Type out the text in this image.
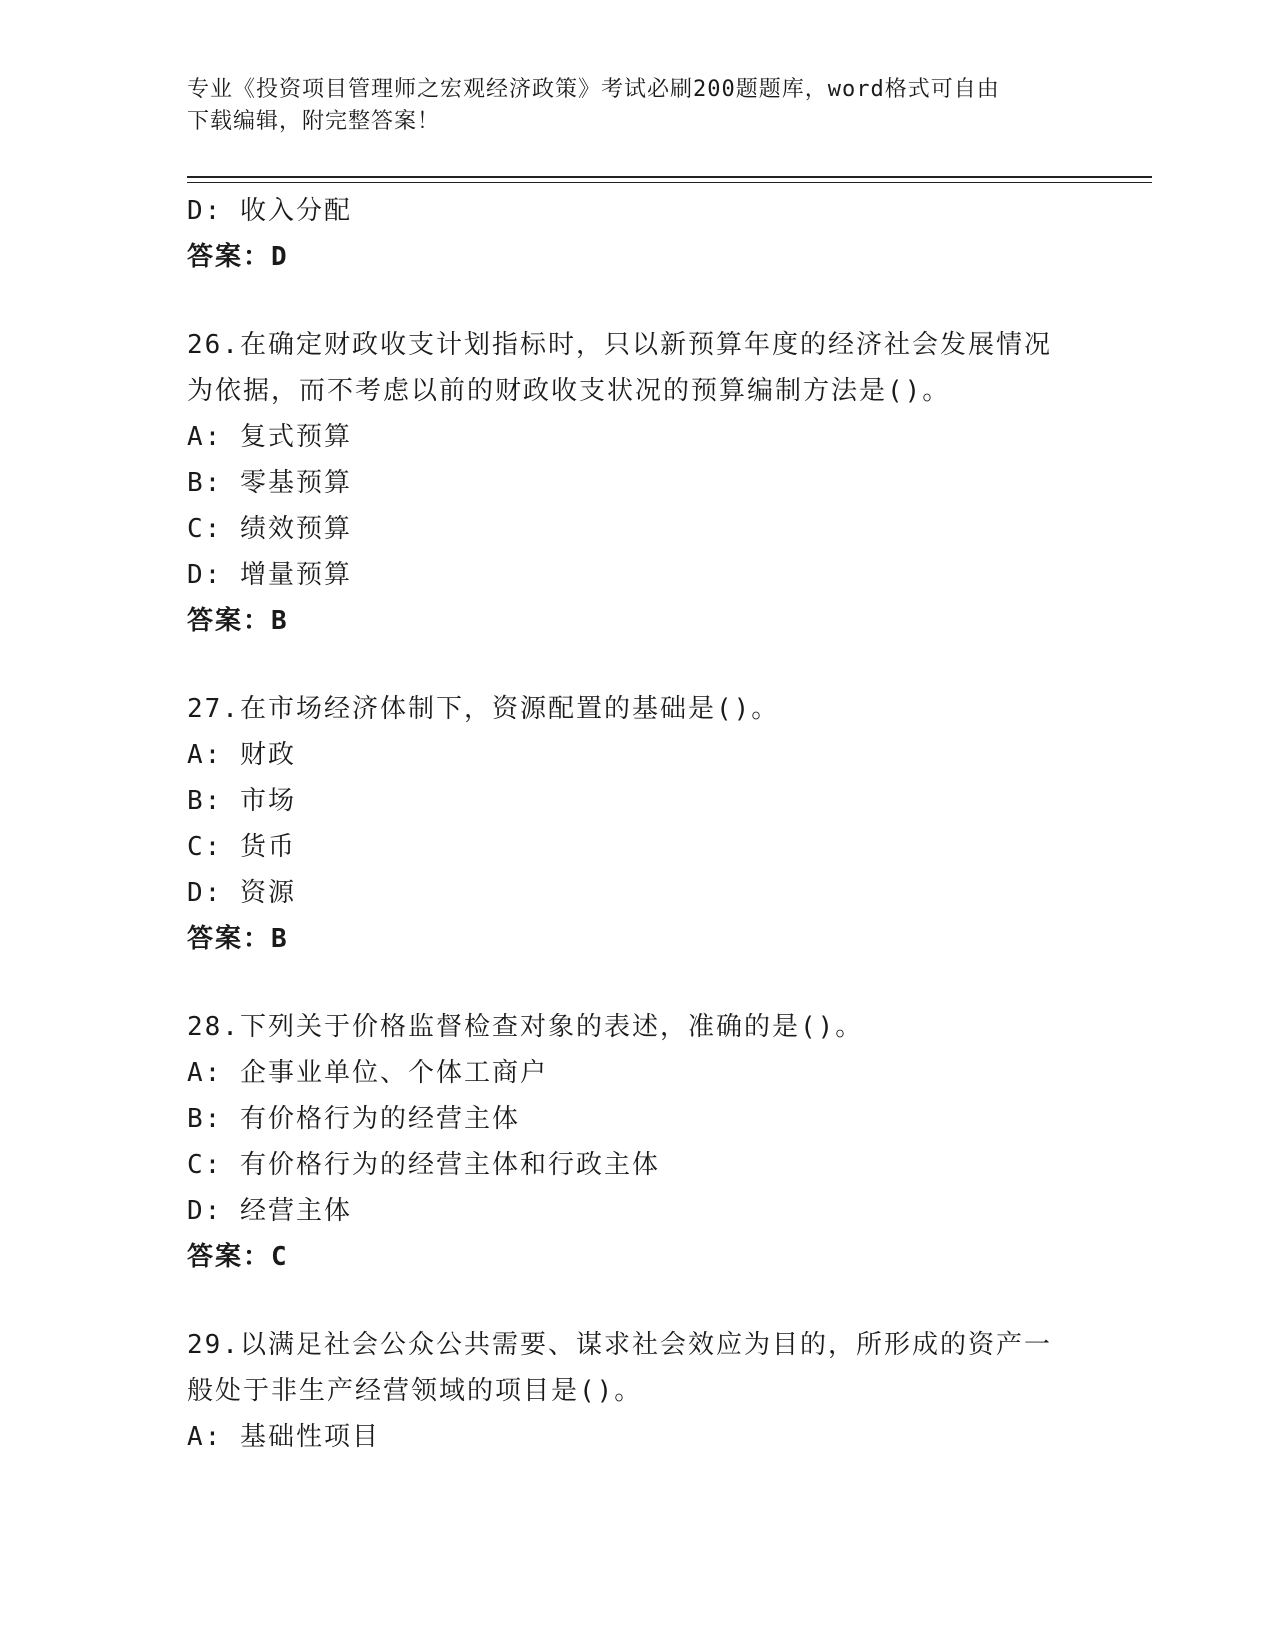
专业《投资项目管理师之宏观经济政策》考试必刷200题题库，word格式可自由
下载编辑，附完整答案！
D: 收入分配
答案：D
26.在确定财政收支计划指标时，只以新预算年度的经济社会发展情况
为依据，而不考虑以前的财政收支状况的预算编制方法是()。
A: 复式预算
B: 零基预算
C: 绩效预算
D: 增量预算
答案：B
27.在市场经济体制下，资源配置的基础是()。
A: 财政
B: 市场
C: 货币
D: 资源
答案：B
28.下列关于价格监督检查对象的表述，准确的是()。
A: 企事业单位、个体工商户
B: 有价格行为的经营主体
C: 有价格行为的经营主体和行政主体
D: 经营主体
答案：C
29.以满足社会公众公共需要、谋求社会效应为目的，所形成的资产一
般处于非生产经营领域的项目是()。
A: 基础性项目
